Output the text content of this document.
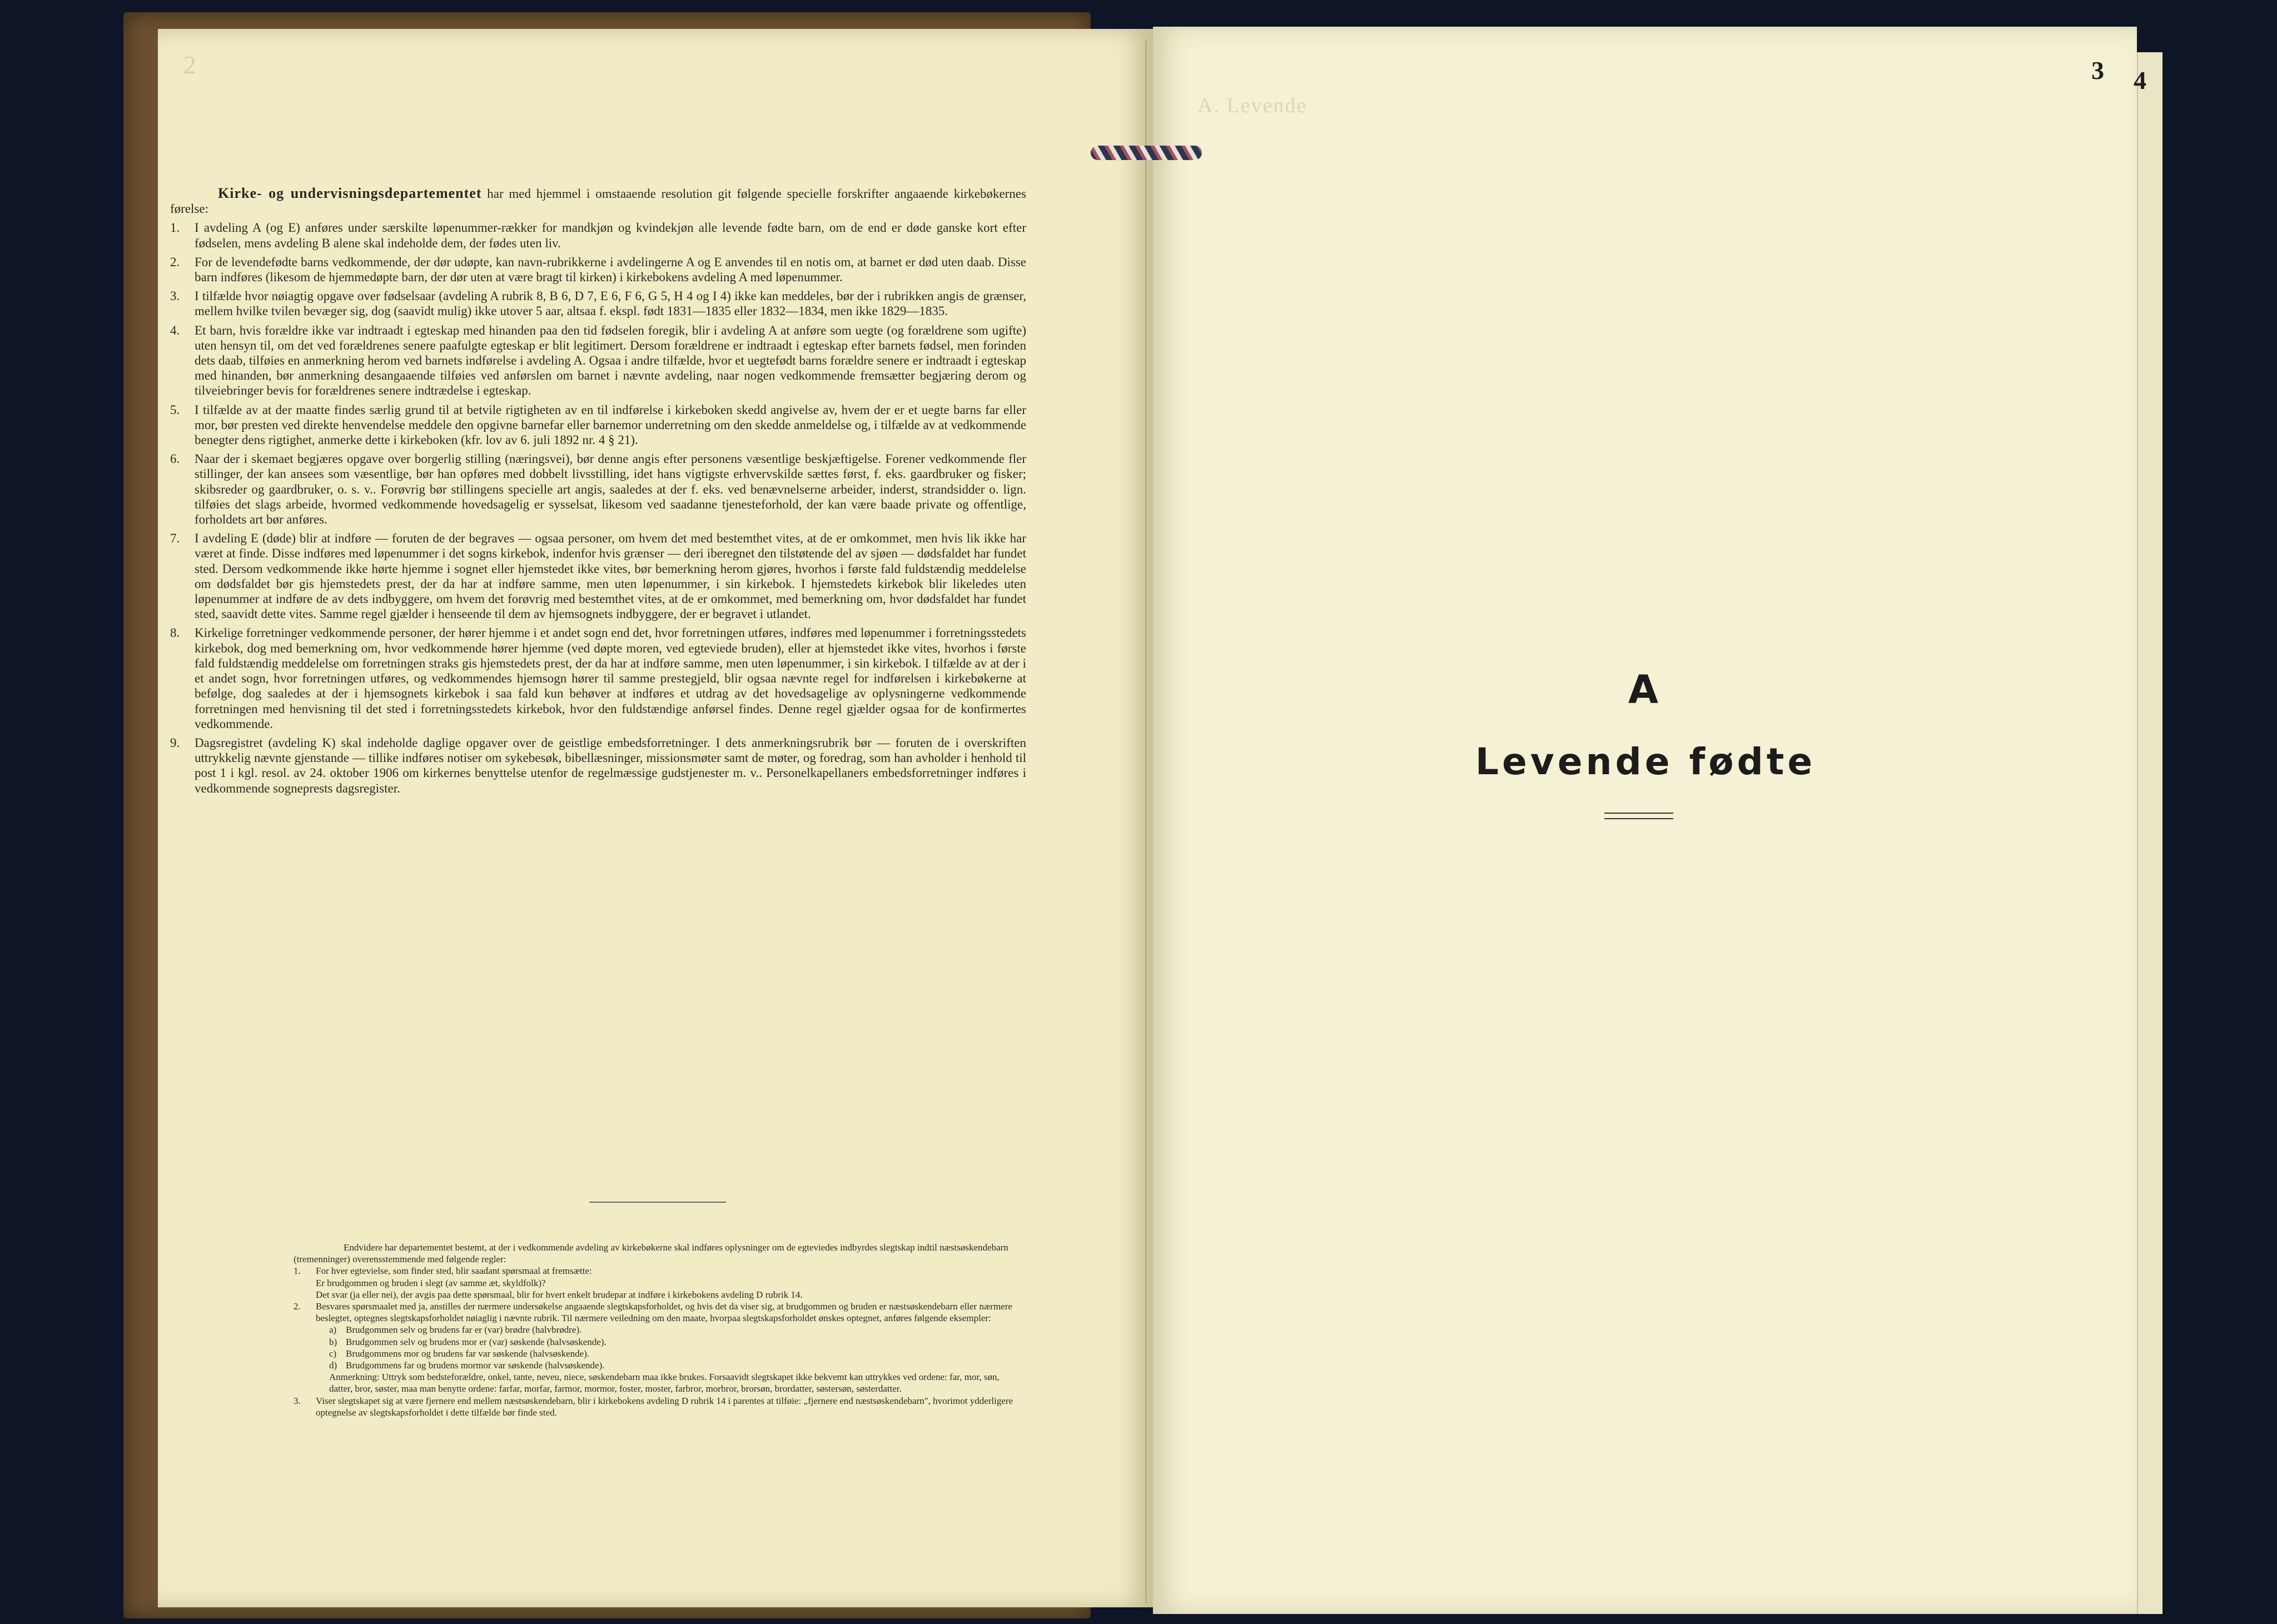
2

Kirke- og undervisningsdepartementet har med hjemmel i omstaaende resolution git følgende specielle forskrifter angaaende kirkebøkernes førelse:

1.	I avdeling A (og E) anføres under særskilte løpenummer-rækker for mandkjøn og kvindekjøn alle levende fødte barn, om de end er døde ganske kort efter fødselen, mens avdeling B alene skal indeholde dem, der fødes uten liv.
2.	For de levendefødte barns vedkommende, der dør udøpte, kan navn-rubrikkerne i avdelingerne A og E anvendes til en notis om, at barnet er død uten daab. Disse barn indføres (likesom de hjemmedøpte barn, der dør uten at være bragt til kirken) i kirkebokens avdeling A med løpenummer.
3.	I tilfælde hvor nøiagtig opgave over fødselsaar (avdeling A rubrik 8, B 6, D 7, E 6, F 6, G 5, H 4 og I 4) ikke kan meddeles, bør der i rubrikken angis de grænser, mellem hvilke tvilen bevæger sig, dog (saavidt mulig) ikke utover 5 aar, altsaa f. ekspl. født 1831—1835 eller 1832—1834, men ikke 1829—1835.
4.	Et barn, hvis forældre ikke var indtraadt i egteskap med hinanden paa den tid fødselen foregik, blir i avdeling A at anføre som uegte (og forældrene som ugifte) uten hensyn til, om det ved forældrenes senere paafulgte egteskap er blit legitimert. Dersom forældrene er indtraadt i egteskap efter barnets fødsel, men forinden dets daab, tilføies en anmerkning herom ved barnets indførelse i avdeling A. Ogsaa i andre tilfælde, hvor et uegtefødt barns forældre senere er indtraadt i egteskap med hinanden, bør anmerkning desangaaende tilføies ved anførslen om barnet i nævnte avdeling, naar nogen vedkommende fremsætter begjæring derom og tilveiebringer bevis for forældrenes senere indtrædelse i egteskap.
5.	I tilfælde av at der maatte findes særlig grund til at betvile rigtigheten av en til indførelse i kirkeboken skedd angivelse av, hvem der er et uegte barns far eller mor, bør presten ved direkte henvendelse meddele den opgivne barnefar eller barnemor underretning om den skedde anmeldelse og, i tilfælde av at vedkommende benegter dens rigtighet, anmerke dette i kirkeboken (kfr. lov av 6. juli 1892 nr. 4 § 21).
6.	Naar der i skemaet begjæres opgave over borgerlig stilling (næringsvei), bør denne angis efter personens væsentlige beskjæftigelse. Forener vedkommende fler stillinger, der kan ansees som væsentlige, bør han opføres med dobbelt livsstilling, idet hans vigtigste erhvervskilde sættes først, f. eks. gaardbruker og fisker; skibsreder og gaardbruker, o. s. v.. Forøvrig bør stillingens specielle art angis, saaledes at der f. eks. ved benævnelserne arbeider, inderst, strandsidder o. lign. tilføies det slags arbeide, hvormed vedkommende hovedsagelig er sysselsat, likesom ved saadanne tjenesteforhold, der kan være baade private og offentlige, forholdets art bør anføres.
7.	I avdeling E (døde) blir at indføre — foruten de der begraves — ogsaa personer, om hvem det med bestemthet vites, at de er omkommet, men hvis lik ikke har været at finde. Disse indføres med løpenummer i det sogns kirkebok, indenfor hvis grænser — deri iberegnet den tilstøtende del av sjøen — dødsfaldet har fundet sted. Dersom vedkommende ikke hørte hjemme i sognet eller hjemstedet ikke vites, bør bemerkning herom gjøres, hvorhos i første fald fuldstændig meddelelse om dødsfaldet bør gis hjemstedets prest, der da har at indføre samme, men uten løpenummer, i sin kirkebok. I hjemstedets kirkebok blir likeledes uten løpenummer at indføre de av dets indbyggere, om hvem det forøvrig med bestemthet vites, at de er omkommet, med bemerkning om, hvor dødsfaldet har fundet sted, saavidt dette vites. Samme regel gjælder i henseende til dem av hjemsognets indbyggere, der er begravet i utlandet.
8.	Kirkelige forretninger vedkommende personer, der hører hjemme i et andet sogn end det, hvor forretningen utføres, indføres med løpenummer i forretningsstedets kirkebok, dog med bemerkning om, hvor vedkommende hører hjemme (ved døpte moren, ved egteviede bruden), eller at hjemstedet ikke vites, hvorhos i første fald fuldstændig meddelelse om forretningen straks gis hjemstedets prest, der da har at indføre samme, men uten løpenummer, i sin kirkebok. I tilfælde av at der i et andet sogn, hvor forretningen utføres, og vedkommendes hjemsogn hører til samme prestegjeld, blir ogsaa nævnte regel for indførelsen i kirkebøkerne at befølge, dog saaledes at der i hjemsognets kirkebok i saa fald kun behøver at indføres et utdrag av det hovedsagelige av oplysningerne vedkommende forretningen med henvisning til det sted i forretningsstedets kirkebok, hvor den fuldstændige anførsel findes. Denne regel gjælder ogsaa for de konfirmertes vedkommende.
9.	Dagsregistret (avdeling K) skal indeholde daglige opgaver over de geistlige embedsforretninger. I dets anmerkningsrubrik bør — foruten de i overskriften uttrykkelig nævnte gjenstande — tillike indføres notiser om sykebesøk, bibellæsninger, missionsmøter samt de møter, og foredrag, som han avholder i henhold til post 1 i kgl. resol. av 24. oktober 1906 om kirkernes benyttelse utenfor de regelmæssige gudstjenester m. v.. Personelkapellaners embedsforretninger indføres i vedkommende sogneprests dagsregister.

Endvidere har departementet bestemt, at der i vedkommende avdeling av kirkebøkerne skal indføres oplysninger om de egteviedes indbyrdes slegtskap indtil næstsøskendebarn (tremenninger) overensstemmende med følgende regler:

1.	For hver egtevielse, som finder sted, blir saadant spørsmaal at fremsætte:
Er brudgommen og bruden i slegt (av samme æt, skyldfolk)?
Det svar (ja eller nei), der avgis paa dette spørsmaal, blir for hvert enkelt brudepar at indføre i kirkebokens avdeling D rubrik 14.
2.	Besvares spørsmaalet med ja, anstilles der nærmere undersøkelse angaaende slegtskapsforholdet, og hvis det da viser sig, at brudgommen og bruden er næstsøskendebarn eller nærmere beslegtet, optegnes slegtskapsforholdet nøiaglig i nævnte rubrik. Til nærmere veiledning om den maate, hvorpaa slegtskapsforholdet ønskes optegnet, anføres følgende eksempler:
a) Brudgommen selv og brudens far er (var) brødre (halvbrødre).
b) Brudgommen selv og brudens mor er (var) søskende (halvsøskende).
c) Brudgommens mor og brudens far var søskende (halvsøskende).
d) Brudgommens far og brudens mormor var søskende (halvsøskende).

Anmerkning: Uttryk som bedsteforældre, onkel, tante, neveu, niece, søskendebarn maa ikke brukes. Forsaavidt slegtskapet ikke bekvemt kan uttrykkes ved ordene: far, mor, søn, datter, bror, søster, maa man benytte ordene: farfar, morfar, farmor, mormor, foster, moster, farbror, morbror, brorsøn, brordatter, søstersøn, søsterdatter.

3.	Viser slegtskapet sig at være fjernere end mellem næstsøskendebarn, blir i kirkebokens avdeling D rubrik 14 i parentes at tilføie: „fjernere end næstsøskendebarn", hvorimot ydderligere optegnelse av slegtskapsforholdet i dette tilfælde bør finde sted.
A. Levende
3 4
A
Levende fødte
